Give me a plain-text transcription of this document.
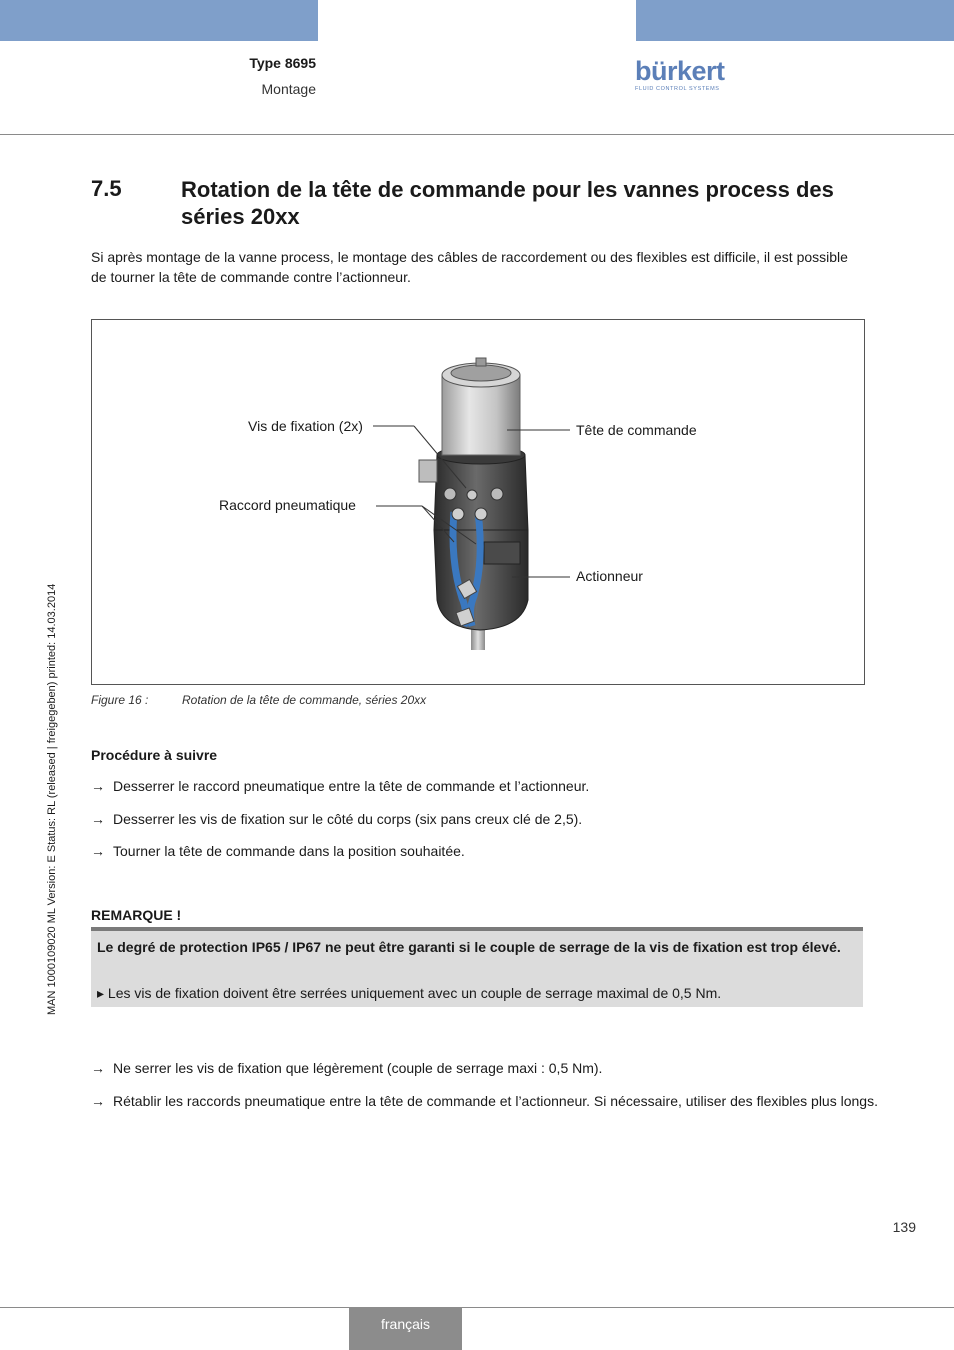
Type 8695
Montage
bürkert
FLUID CONTROL SYSTEMS
7.5	Rotation de la tête de commande pour les vannes process des séries 20xx
Si après montage de la vanne process, le montage des câbles de raccordement ou des flexibles est difficile, il est possible de tourner la tête de commande contre l’actionneur.
Vis de fixation (2x)
Raccord pneumatique
Tête de commande
Actionneur
Figure 16 :	Rotation de la tête de commande, séries 20xx
Procédure à suivre
→ Desserrer le raccord pneumatique entre la tête de commande et l’actionneur.
→ Desserrer les vis de fixation sur le côté du corps (six pans creux clé de 2,5).
→ Tourner la tête de commande dans la position souhaitée.
REMARQUE !
Le degré de protection IP65 / IP67 ne peut être garanti si le couple de serrage de la vis de fixation est trop élevé.
▸ Les vis de fixation doivent être serrées uniquement avec un couple de serrage maximal de 0,5 Nm.
→ Ne serrer les vis de fixation que légèrement (couple de serrage maxi : 0,5 Nm).
→ Rétablir les raccords pneumatique entre la tête de commande et l’actionneur. Si nécessaire, utiliser des flexibles plus longs.
MAN 1000109020 ML Version: E Status: RL (released | freigegeben) printed: 14.03.2014
139
français
